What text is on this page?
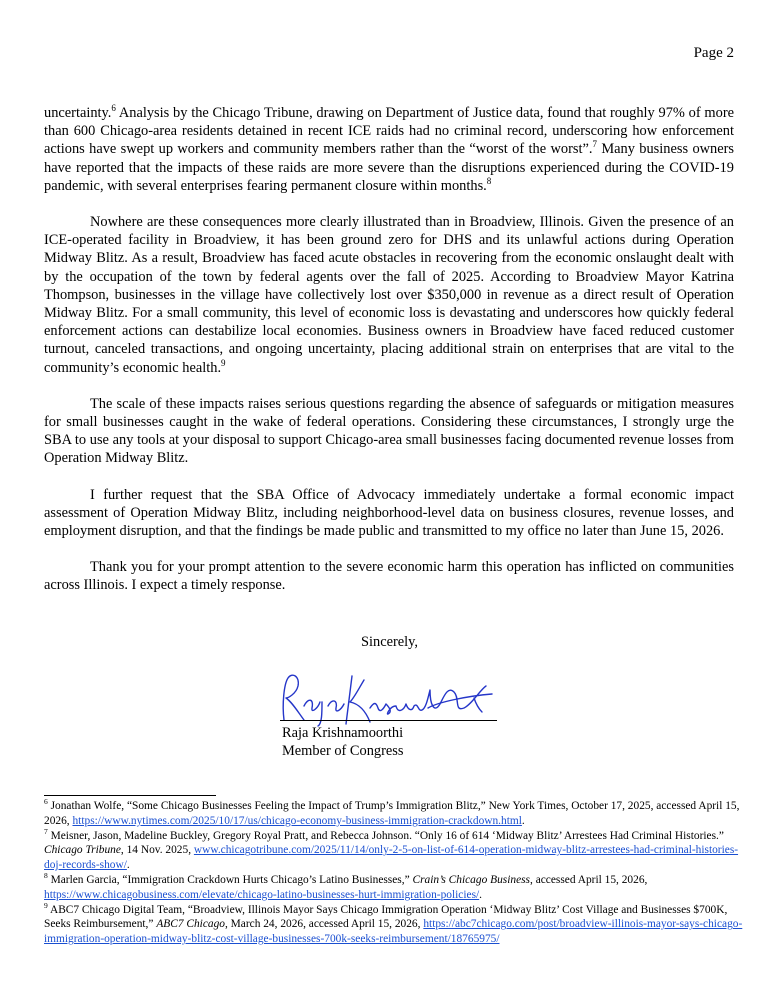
Page 2

uncertainty.$^6$ Analysis by the Chicago Tribune, drawing on Department of Justice data, found that roughly 97% of more than 600 Chicago-area residents detained in recent ICE raids had no criminal record, underscoring how enforcement actions have swept up workers and community members rather than the “worst of the worst”.$^7$ Many business owners have reported that the impacts of these raids are more severe than the disruptions experienced during the COVID-19 pandemic, with several enterprises fearing permanent closure within months.$^8$

Nowhere are these consequences more clearly illustrated than in Broadview, Illinois. Given the presence of an ICE-operated facility in Broadview, it has been ground zero for DHS and its unlawful actions during Operation Midway Blitz. As a result, Broadview has faced acute obstacles in recovering from the economic onslaught dealt with by the occupation of the town by federal agents over the fall of 2025. According to Broadview Mayor Katrina Thompson, businesses in the village have collectively lost over $350,000 in revenue as a direct result of Operation Midway Blitz. For a small community, this level of economic loss is devastating and underscores how quickly federal enforcement actions can destabilize local economies. Business owners in Broadview have faced reduced customer turnout, canceled transactions, and ongoing uncertainty, placing additional strain on enterprises that are vital to the community’s economic health.$^9$

The scale of these impacts raises serious questions regarding the absence of safeguards or mitigation measures for small businesses caught in the wake of federal operations. Considering these circumstances, I strongly urge the SBA to use any tools at your disposal to support Chicago-area small businesses facing documented revenue losses from Operation Midway Blitz.

I further request that the SBA Office of Advocacy immediately undertake a formal economic impact assessment of Operation Midway Blitz, including neighborhood-level data on business closures, revenue losses, and employment disruption, and that the findings be made public and transmitted to my office no later than June 15, 2026.

Thank you for your prompt attention to the severe economic harm this operation has inflicted on communities across Illinois. I expect a timely response.

Sincerely,
Raja Krishnamoorthi
Member of Congress

$^6$ Jonathan Wolfe, “Some Chicago Businesses Feeling the Impact of Trump’s Immigration Blitz,” New York Times, October 17, 2025, accessed April 15, 2026, https://www.nytimes.com/2025/10/17/us/chicago-economy-business-immigration-crackdown.html.

$^7$ Meisner, Jason, Madeline Buckley, Gregory Royal Pratt, and Rebecca Johnson. “Only 16 of 614 ‘Midway Blitz’ Arrestees Had Criminal Histories.” Chicago Tribune, 14 Nov. 2025, www.chicagotribune.com/2025/11/14/only-2-5-on-list-of-614-operation-midway-blitz-arrestees-had-criminal-histories-doj-records-show/.

$^8$ Marlen Garcia, “Immigration Crackdown Hurts Chicago’s Latino Businesses,” Crain’s Chicago Business, accessed April 15, 2026, https://www.chicagobusiness.com/elevate/chicago-latino-businesses-hurt-immigration-policies/.

$^9$ ABC7 Chicago Digital Team, “Broadview, Illinois Mayor Says Chicago Immigration Operation ‘Midway Blitz’ Cost Village and Businesses $700K, Seeks Reimbursement,” ABC7 Chicago, March 24, 2026, accessed April 15, 2026, https://abc7chicago.com/post/broadview-illinois-mayor-says-chicago-immigration-operation-midway-blitz-cost-village-businesses-700k-seeks-reimbursement/18765975/
